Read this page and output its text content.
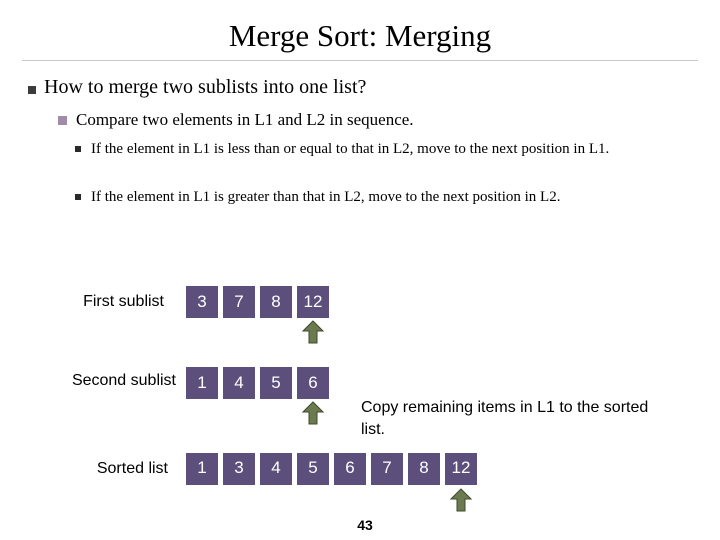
Merge Sort: Merging
How to merge two sublists into one list?
Compare two elements in L1 and L2 in sequence.
If the element in L1 is less than or equal to that in L2, move to the next position in L1.
If the element in L1 is greater than that in L2, move to the next position in L2.
First sublist	3	7	8	12
Second sublist	1	4	5	6
Copy remaining items in L1 to the sorted list.
Sorted list	1	3	4	5	6	7	8	12
43
